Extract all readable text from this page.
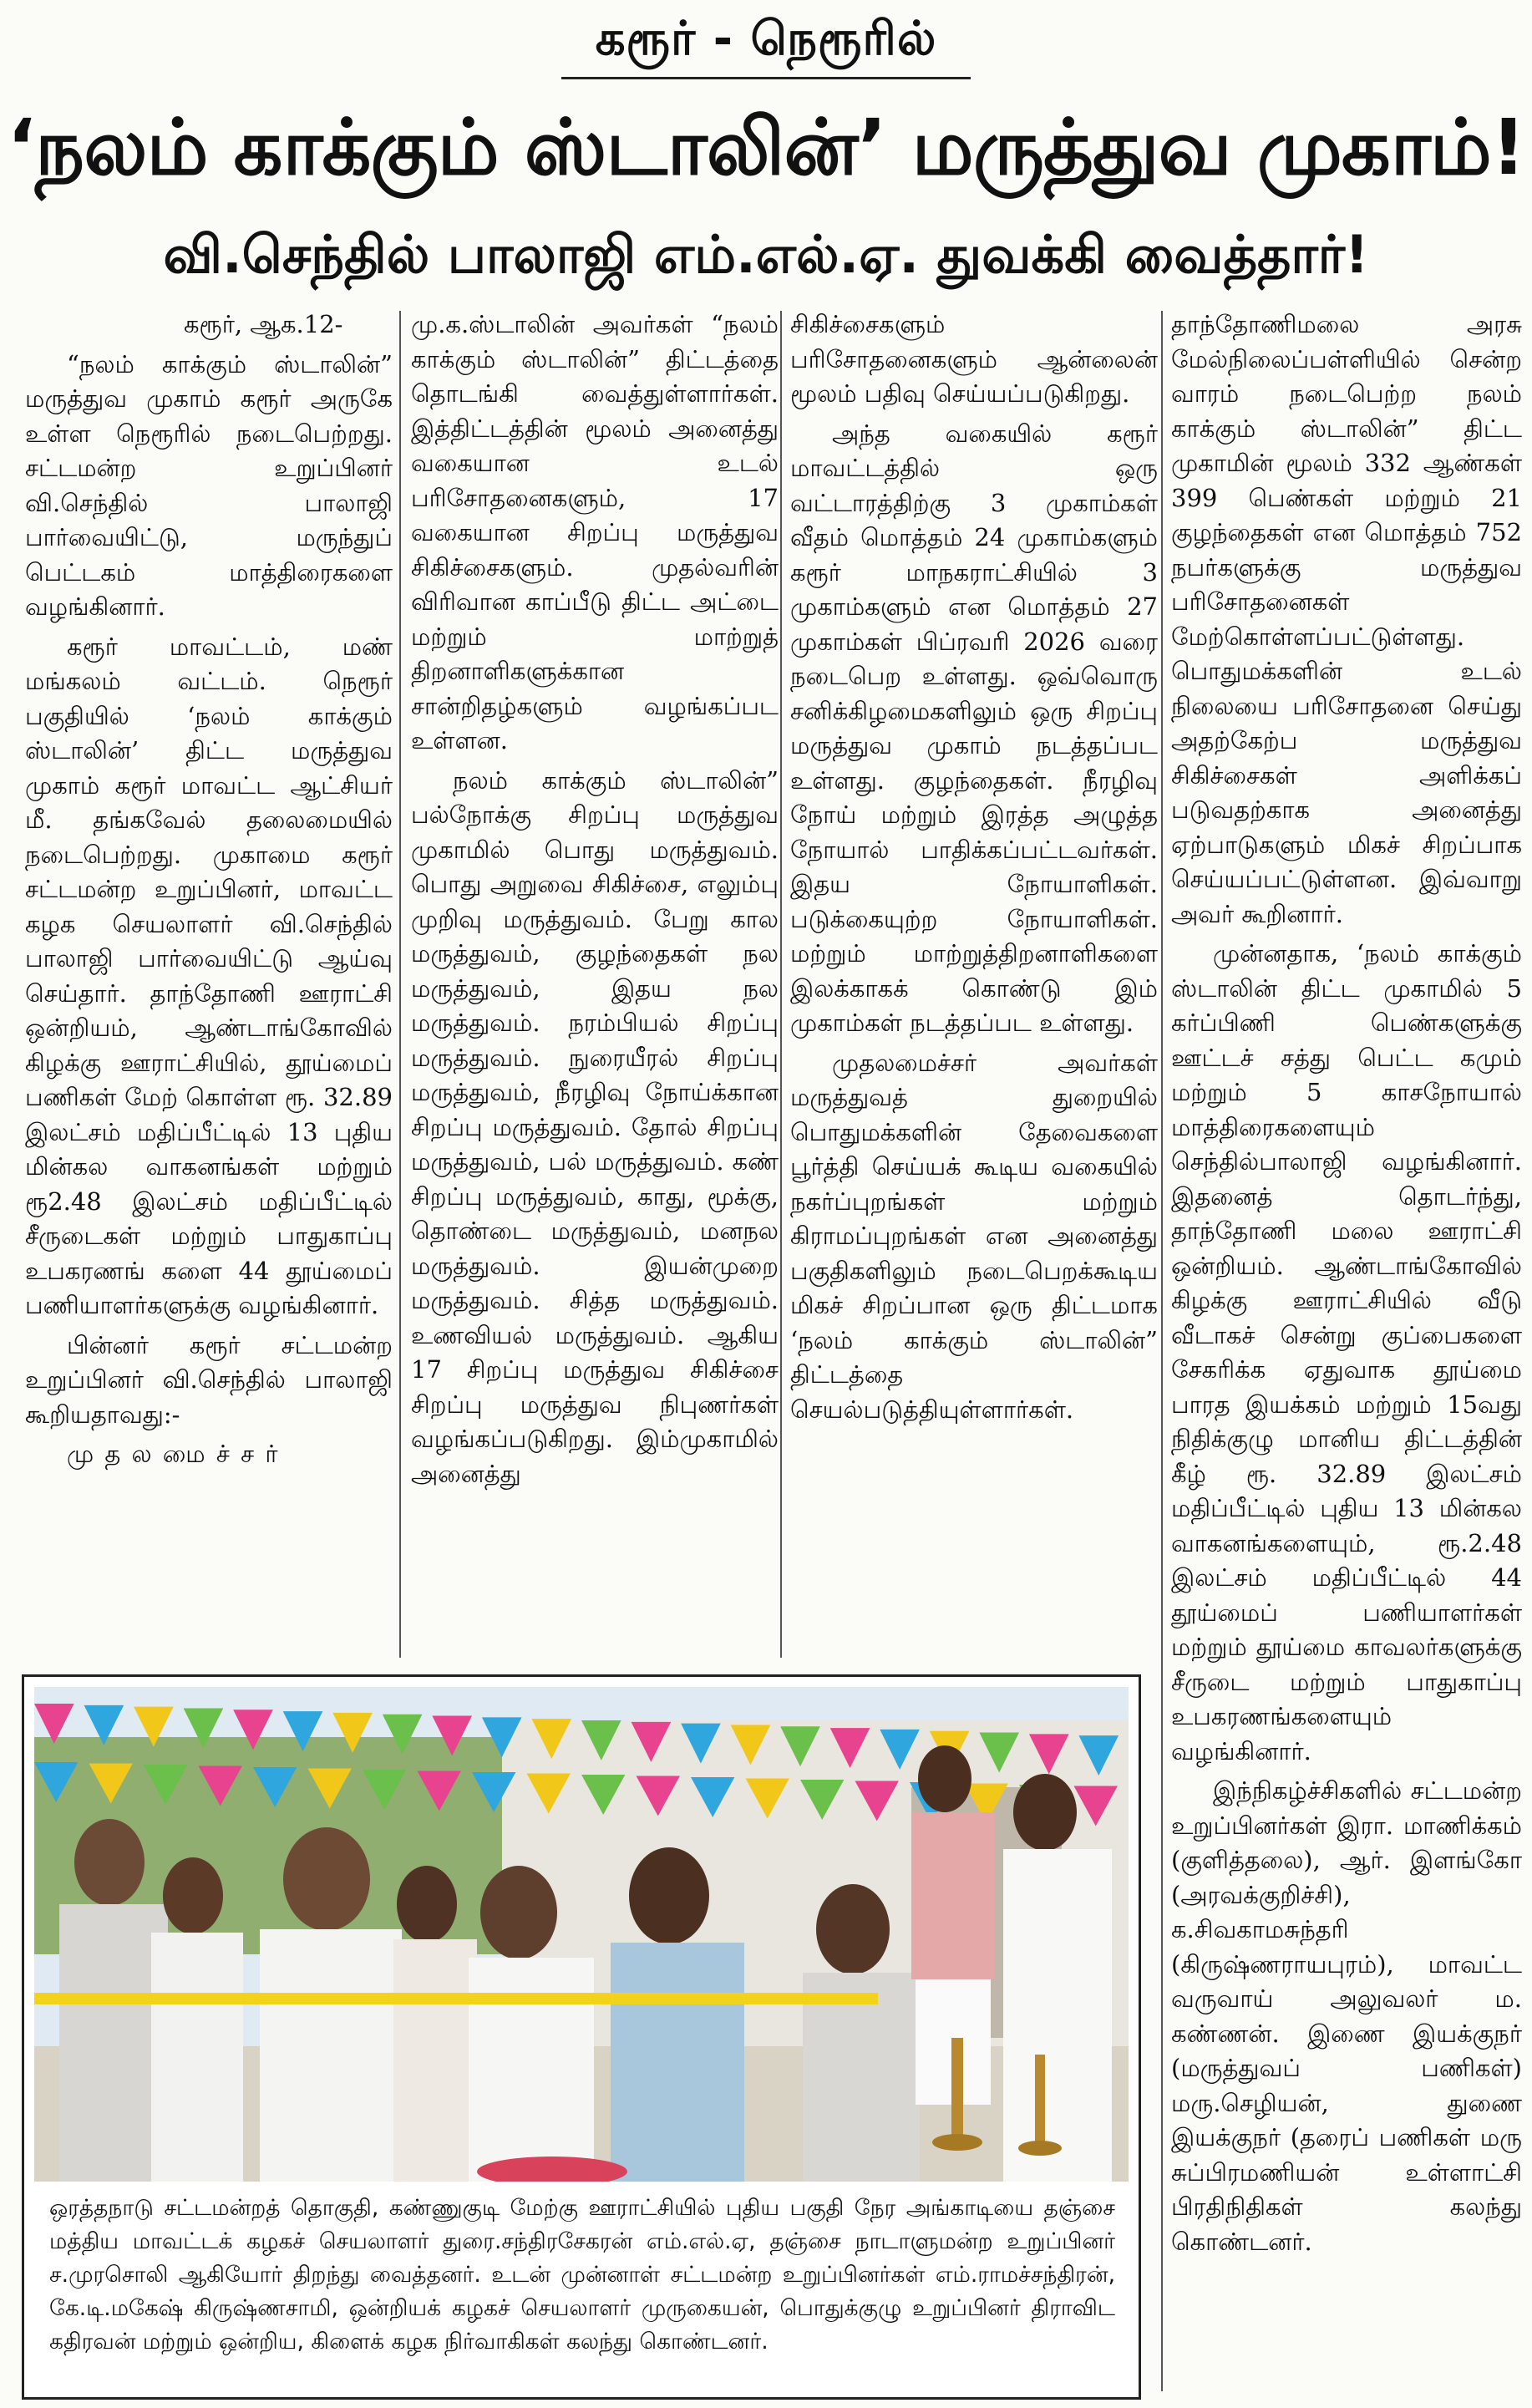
கரூர் - நெரூரில்
‘நலம் காக்கும் ஸ்டாலின்’ மருத்துவ முகாம்!
வி.செந்தில் பாலாஜி எம்.எல்.ஏ. துவக்கி வைத்தார்!

கரூர், ஆக.12-

“நலம் காக்கும் ஸ்டாலின்” மருத்துவ முகாம் கரூர் அருகே உள்ள நெரூரில் நடைபெற்றது. சட்டமன்ற உறுப்பினர் வி.செந்தில் பாலாஜி பார்வையிட்டு, மருந்துப் பெட்டகம் மாத்திரைகளை வழங்கினார்.

கரூர் மாவட்டம், மண் மங்கலம் வட்டம். நெரூர் பகுதியில் ‘நலம் காக்கும் ஸ்டாலின்’ திட்ட மருத்துவ முகாம் கரூர் மாவட்ட ஆட்சியர் மீ. தங்கவேல் தலைமையில் நடைபெற்றது. முகாமை கரூர் சட்டமன்ற உறுப்பினர், மாவட்ட கழக செயலாளர் வி.செந்தில் பாலாஜி பார்வையிட்டு ஆய்வு செய்தார். தாந்தோணி ஊராட்சி ஒன்றியம், ஆண்டாங்கோவில் கிழக்கு ஊராட்சியில், தூய்மைப் பணிகள் மேற் கொள்ள ரூ. 32.89 இலட்சம் மதிப்பீட்டில் 13 புதிய மின்கல வாகனங்கள் மற்றும் ரூ2.48 இலட்சம் மதிப்பீட்டில் சீருடைகள் மற்றும் பாதுகாப்பு உபகரணங் களை 44 தூய்மைப் பணியாளர்களுக்கு வழங்கினார்.

பின்னர் கரூர் சட்டமன்ற உறுப்பினர் வி.செந்தில் பாலாஜி கூறியதாவது:-

மு த ல மை ச் ச ர்

மு.க.ஸ்டாலின் அவர்கள் “நலம் காக்கும் ஸ்டாலின்” திட்டத்தை தொடங்கி வைத்துள்ளார்கள். இத்திட்டத்தின் மூலம் அனைத்து வகையான உடல் பரிசோதனைகளும், 17 வகையான சிறப்பு மருத்துவ சிகிச்சைகளும். முதல்வரின் விரிவான காப்பீடு திட்ட அட்டை மற்றும் மாற்றுத் திறனாளிகளுக்கான சான்றிதழ்களும் வழங்கப்பட உள்ளன.

நலம் காக்கும் ஸ்டாலின்” பல்நோக்கு சிறப்பு மருத்துவ முகாமில் பொது மருத்துவம். பொது அறுவை சிகிச்சை, எலும்பு முறிவு மருத்துவம். பேறு கால மருத்துவம், குழந்தைகள் நல மருத்துவம், இதய நல மருத்துவம். நரம்பியல் சிறப்பு மருத்துவம். நுரையீரல் சிறப்பு மருத்துவம், நீரழிவு நோய்க்கான சிறப்பு மருத்துவம். தோல் சிறப்பு மருத்துவம், பல் மருத்துவம். கண் சிறப்பு மருத்துவம், காது, மூக்கு, தொண்டை மருத்துவம், மனநல மருத்துவம். இயன்முறை மருத்துவம். சித்த மருத்துவம். உணவியல் மருத்துவம். ஆகிய 17 சிறப்பு மருத்துவ சிகிச்சை சிறப்பு மருத்துவ நிபுணர்கள் வழங்கப்படுகிறது. இம்முகாமில் அனைத்து

சிகிச்சைகளும் பரிசோதனைகளும் ஆன்லைன் மூலம் பதிவு செய்யப்படுகிறது.

அந்த வகையில் கரூர் மாவட்டத்தில் ஒரு வட்டாரத்திற்கு 3 முகாம்கள் வீதம் மொத்தம் 24 முகாம்களும் கரூர் மாநகராட்சியில் 3 முகாம்களும் என மொத்தம் 27 முகாம்கள் பிப்ரவரி 2026 வரை நடைபெற உள்ளது. ஒவ்வொரு சனிக்கிழமைகளிலும் ஒரு சிறப்பு மருத்துவ முகாம் நடத்தப்பட உள்ளது. குழந்தைகள். நீரழிவு நோய் மற்றும் இரத்த அழுத்த நோயால் பாதிக்கப்பட்டவர்கள். இதய நோயாளிகள். படுக்கையுற்ற நோயாளிகள். மற்றும் மாற்றுத்திறனாளிகளை இலக்காகக் கொண்டு இம் முகாம்கள் நடத்தப்பட உள்ளது.

முதலமைச்சர் அவர்கள் மருத்துவத் துறையில் பொதுமக்களின் தேவைகளை பூர்த்தி செய்யக் கூடிய வகையில் நகர்ப்புறங்கள் மற்றும் கிராமப்புறங்கள் என அனைத்து பகுதிகளிலும் நடைபெறக்கூடிய மிகச் சிறப்பான ஒரு திட்டமாக ‘நலம் காக்கும் ஸ்டாலின்” திட்டத்தை செயல்படுத்தியுள்ளார்கள்.

தாந்தோணிமலை அரசு மேல்நிலைப்பள்ளியில் சென்ற வாரம் நடைபெற்ற நலம் காக்கும் ஸ்டாலின்” திட்ட முகாமின் மூலம் 332 ஆண்கள் 399 பெண்கள் மற்றும் 21 குழந்தைகள் என மொத்தம் 752 நபர்களுக்கு மருத்துவ பரிசோதனைகள் மேற்கொள்ளப்பட்டுள்ளது. பொதுமக்களின் உடல் நிலையை பரிசோதனை செய்து அதற்கேற்ப மருத்துவ சிகிச்சைகள் அளிக்கப் படுவதற்காக அனைத்து ஏற்பாடுகளும் மிகச் சிறப்பாக செய்யப்பட்டுள்ளன. இவ்வாறு அவர் கூறினார்.

முன்னதாக, ‘நலம் காக்கும் ஸ்டாலின் திட்ட முகாமில் 5 கர்ப்பிணி பெண்களுக்கு ஊட்டச் சத்து பெட்ட கமும் மற்றும் 5 காசநோயால் மாத்திரைகளையும் செந்தில்பாலாஜி வழங்கினார். இதனைத் தொடர்ந்து, தாந்தோணி மலை ஊராட்சி ஒன்றியம். ஆண்டாங்கோவில் கிழக்கு ஊராட்சியில் வீடு வீடாகச் சென்று குப்பைகளை சேகரிக்க ஏதுவாக தூய்மை பாரத இயக்கம் மற்றும் 15வது நிதிக்குழு மானிய திட்டத்தின் கீழ் ரூ. 32.89 இலட்சம் மதிப்பீட்டில் புதிய 13 மின்கல வாகனங்களையும், ரூ.2.48 இலட்சம் மதிப்பீட்டில் 44 தூய்மைப் பணியாளர்கள் மற்றும் தூய்மை காவலர்களுக்கு சீருடை மற்றும் பாதுகாப்பு உபகரணங்களையும் வழங்கினார்.

இந்நிகழ்ச்சிகளில் சட்டமன்ற உறுப்பினர்கள் இரா. மாணிக்கம் (குளித்தலை), ஆர். இளங்கோ (அரவக்குறிச்சி), க.சிவகாமசுந்தரி (கிருஷ்ணராயபுரம்), மாவட்ட வருவாய் அலுவலர் ம. கண்ணன். இணை இயக்குநர் (மருத்துவப் பணிகள்) மரு.செழியன், துணை இயக்குநர் (தரைப் பணிகள் மரு சுப்பிரமணியன் உள்ளாட்சி பிரதிநிதிகள் கலந்து கொண்டனர்.

ஒரத்தநாடு சட்டமன்றத் தொகுதி, கண்ணுகுடி மேற்கு ஊராட்சியில் புதிய பகுதி நேர அங்காடியை தஞ்சை மத்திய மாவட்டக் கழகச் செயலாளர் துரை.சந்திரசேகரன் எம்.எல்.ஏ, தஞ்சை நாடாளுமன்ற உறுப்பினர் ச.முரசொலி ஆகியோர் திறந்து வைத்தனர். உடன் முன்னாள் சட்டமன்ற உறுப்பினர்கள் எம்.ராமச்சந்திரன், கே.டி.மகேஷ் கிருஷ்ணசாமி, ஒன்றியக் கழகச் செயலாளர் முருகையன், பொதுக்குழு உறுப்பினர் திராவிட கதிரவன் மற்றும் ஒன்றிய, கிளைக் கழக நிர்வாகிகள் கலந்து கொண்டனர்.
